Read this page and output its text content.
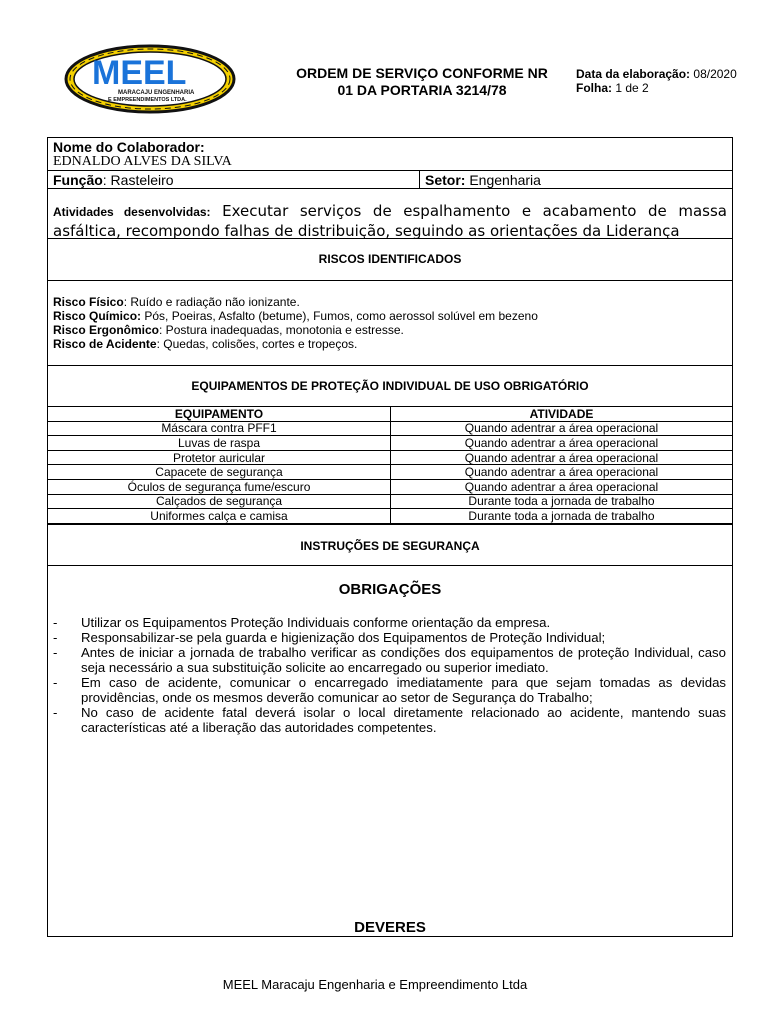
MEEL
MARACAJU ENGENHARIA
E EMPREENDIMENTOS LTDA.
ORDEM DE SERVIÇO CONFORME NR
01 DA PORTARIA 3214/78
Data da elaboração: 08/2020
Folha: 1 de 2
Nome do Colaborador:
EDNALDO ALVES DA SILVA
Função: Rasteleiro	Setor: Engenharia
Atividades desenvolvidas: Executar serviços de espalhamento e acabamento de massa asfáltica, recompondo falhas de distribuição, seguindo as orientações da Liderança
RISCOS IDENTIFICADOS
Risco Físico: Ruído e radiação não ionizante.
Risco Químico: Pós, Poeiras, Asfalto (betume), Fumos, como aerossol solúvel em bezeno
Risco Ergonômico: Postura inadequadas, monotonia e estresse.
Risco de Acidente: Quedas, colisões, cortes e tropeços.
EQUIPAMENTOS DE PROTEÇÃO INDIVIDUAL DE USO OBRIGATÓRIO
EQUIPAMENTO	ATIVIDADE
Máscara contra PFF1	Quando adentrar a área operacional
Luvas de raspa	Quando adentrar a área operacional
Protetor auricular	Quando adentrar a área operacional
Capacete de segurança	Quando adentrar a área operacional
Óculos de segurança fume/escuro	Quando adentrar a área operacional
Calçados de segurança	Durante toda a jornada de trabalho
Uniformes calça e camisa	Durante toda a jornada de trabalho
INSTRUÇÕES DE SEGURANÇA
OBRIGAÇÕES
- Utilizar os Equipamentos Proteção Individuais conforme orientação da empresa.
- Responsabilizar-se pela guarda e higienização dos Equipamentos de Proteção Individual;
- Antes de iniciar a jornada de trabalho verificar as condições dos equipamentos de proteção Individual, caso seja necessário a sua substituição solicite ao encarregado ou superior imediato.
- Em caso de acidente, comunicar o encarregado imediatamente para que sejam tomadas as devidas providências, onde os mesmos deverão comunicar ao setor de Segurança do Trabalho;
- No caso de acidente fatal deverá isolar o local diretamente relacionado ao acidente, mantendo suas características até a liberação das autoridades competentes.
DEVERES
MEEL Maracaju Engenharia e Empreendimento Ltda
